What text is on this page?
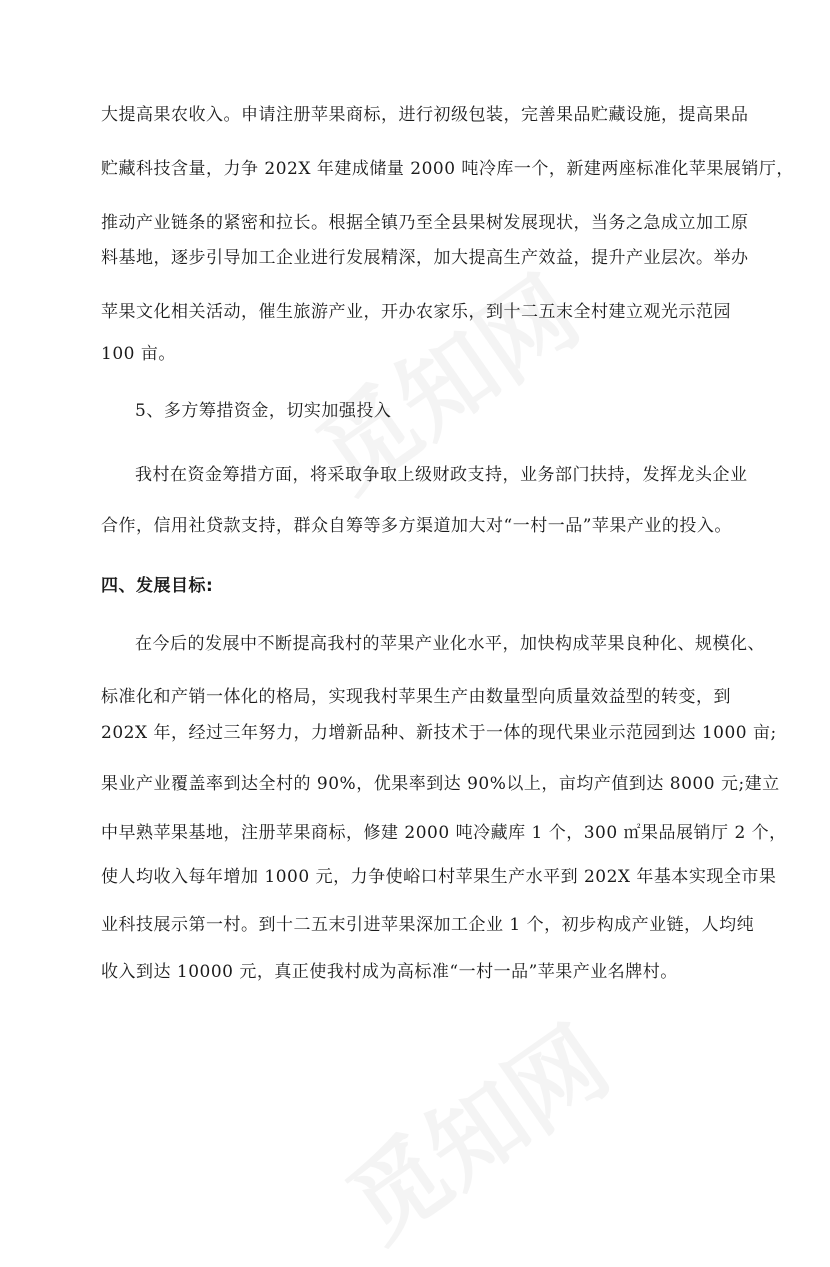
大提高果农收入。申请注册苹果商标，进行初级包装，完善果品贮藏设施，提高果品
贮藏科技含量，力争 202X 年建成储量 2000 吨冷库一个，新建两座标准化苹果展销厅，
推动产业链条的紧密和拉长。根据全镇乃至全县果树发展现状，当务之急成立加工原
料基地，逐步引导加工企业进行发展精深，加大提高生产效益，提升产业层次。举办
苹果文化相关活动，催生旅游产业，开办农家乐，到十二五末全村建立观光示范园
100 亩。
5、多方筹措资金，切实加强投入
我村在资金筹措方面，将采取争取上级财政支持，业务部门扶持，发挥龙头企业
合作，信用社贷款支持，群众自筹等多方渠道加大对“一村一品”苹果产业的投入。
四、发展目标:
在今后的发展中不断提高我村的苹果产业化水平，加快构成苹果良种化、规模化、
标准化和产销一体化的格局，实现我村苹果生产由数量型向质量效益型的转变，到
202X 年，经过三年努力，力增新品种、新技术于一体的现代果业示范园到达 1000 亩;
果业产业覆盖率到达全村的 90%，优果率到达 90%以上，亩均产值到达 8000 元;建立
中早熟苹果基地，注册苹果商标，修建 2000 吨冷藏库 1 个，300 ㎡果品展销厅 2 个，
使人均收入每年增加 1000 元，力争使峪口村苹果生产水平到 202X 年基本实现全市果
业科技展示第一村。到十二五末引进苹果深加工企业 1 个，初步构成产业链，人均纯
收入到达 10000 元，真正使我村成为高标准“一村一品”苹果产业名牌村。
